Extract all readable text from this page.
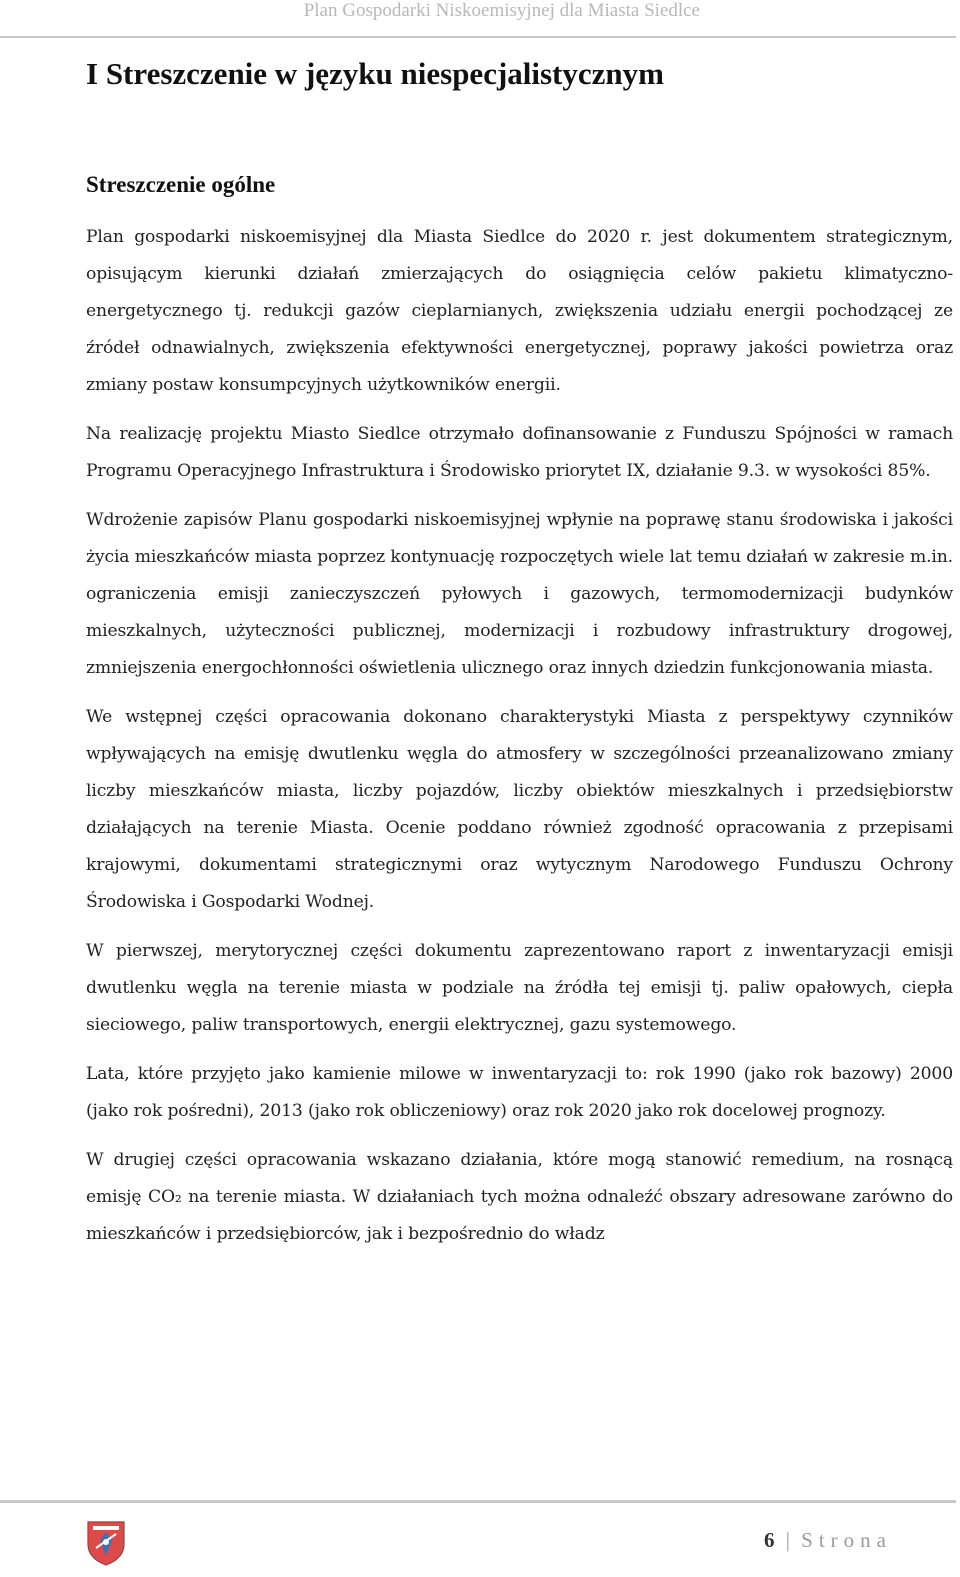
Plan Gospodarki Niskoemisyjnej dla Miasta Siedlce
I Streszczenie w języku niespecjalistycznym
Streszczenie ogólne

Plan gospodarki niskoemisyjnej dla Miasta Siedlce do 2020 r. jest dokumentem strategicznym, opisującym kierunki działań zmierzających do osiągnięcia celów pakietu klimatyczno-energetycznego tj. redukcji gazów cieplarnianych, zwiększenia udziału energii pochodzącej ze źródeł odnawialnych, zwiększenia efektywności energetycznej, poprawy jakości powietrza oraz zmiany postaw konsumpcyjnych użytkowników energii.

Na realizację projektu Miasto Siedlce otrzymało dofinansowanie z Funduszu Spójności w ramach Programu Operacyjnego Infrastruktura i Środowisko priorytet IX, działanie 9.3. w wysokości 85%.

Wdrożenie zapisów Planu gospodarki niskoemisyjnej wpłynie na poprawę stanu środowiska i jakości życia mieszkańców miasta poprzez kontynuację rozpoczętych wiele lat temu działań w zakresie m.in. ograniczenia emisji zanieczyszczeń pyłowych i gazowych, termomodernizacji budynków mieszkalnych, użyteczności publicznej, modernizacji i rozbudowy infrastruktury drogowej, zmniejszenia energochłonności oświetlenia ulicznego oraz innych dziedzin funkcjonowania miasta.

We wstępnej części opracowania dokonano charakterystyki Miasta z perspektywy czynników wpływających na emisję dwutlenku węgla do atmosfery w szczególności przeanalizowano zmiany liczby mieszkańców miasta, liczby pojazdów, liczby obiektów mieszkalnych i przedsiębiorstw działających na terenie Miasta. Ocenie poddano również zgodność opracowania z przepisami krajowymi, dokumentami strategicznymi oraz wytycznym Narodowego Funduszu Ochrony Środowiska i Gospodarki Wodnej.

W pierwszej, merytorycznej części dokumentu zaprezentowano raport z inwentaryzacji emisji dwutlenku węgla na terenie miasta w podziale na źródła tej emisji tj. paliw opałowych, ciepła sieciowego, paliw transportowych, energii elektrycznej, gazu systemowego.

Lata, które przyjęto jako kamienie milowe w inwentaryzacji to: rok 1990 (jako rok bazowy) 2000 (jako rok pośredni), 2013 (jako rok obliczeniowy) oraz rok 2020 jako rok docelowej prognozy.

W drugiej części opracowania wskazano działania, które mogą stanowić remedium, na rosnącą emisję CO₂ na terenie miasta. W działaniach tych można odnaleźć obszary adresowane zarówno do mieszkańców i przedsiębiorców, jak i bezpośrednio do władz

6 | Strona
